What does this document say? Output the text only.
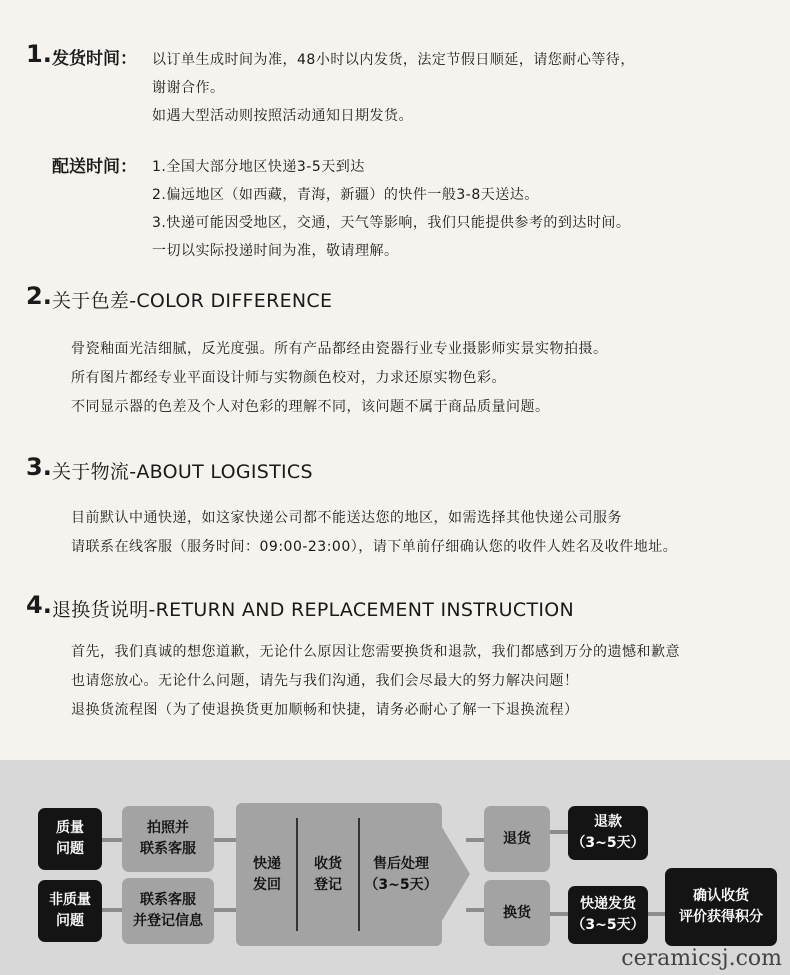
1. 发货时间： 以订单生成时间为准，48小时以内发货，法定节假日顺延，请您耐心等待，
谢谢合作。
如遇大型活动则按照活动通知日期发货。
配送时间： 1.全国大部分地区快递3-5天到达
2.偏远地区（如西藏，青海，新疆）的快件一般3-8天送达。
3.快递可能因受地区，交通，天气等影响，我们只能提供参考的到达时间。
一切以实际投递时间为准，敬请理解。
2. 关于色差-COLOR DIFFERENCE
骨瓷釉面光洁细腻，反光度强。所有产品都经由瓷器行业专业摄影师实景实物拍摄。
所有图片都经专业平面设计师与实物颜色校对，力求还原实物色彩。
不同显示器的色差及个人对色彩的理解不同，该问题不属于商品质量问题。
3. 关于物流-ABOUT LOGISTICS
目前默认中通快递，如这家快递公司都不能送达您的地区，如需选择其他快递公司服务
请联系在线客服（服务时间：09:00-23:00），请下单前仔细确认您的收件人姓名及收件地址。
4. 退换货说明-RETURN AND REPLACEMENT INSTRUCTION
首先，我们真诚的想您道歉，无论什么原因让您需要换货和退款，我们都感到万分的遗憾和歉意
也请您放心。无论什么问题，请先与我们沟通，我们会尽最大的努力解决问题！
退换货流程图（为了使退换货更加顺畅和快捷，请务必耐心了解一下退换流程）
质量
问题
非质量
问题
拍照并
联系客服
联系客服
并登记信息
快递
发回
收货
登记
售后处理
（3~5天）
退货
换货
退款
（3~5天）
快递发货
（3~5天）
确认收货
评价获得积分
ceramicsj.com
